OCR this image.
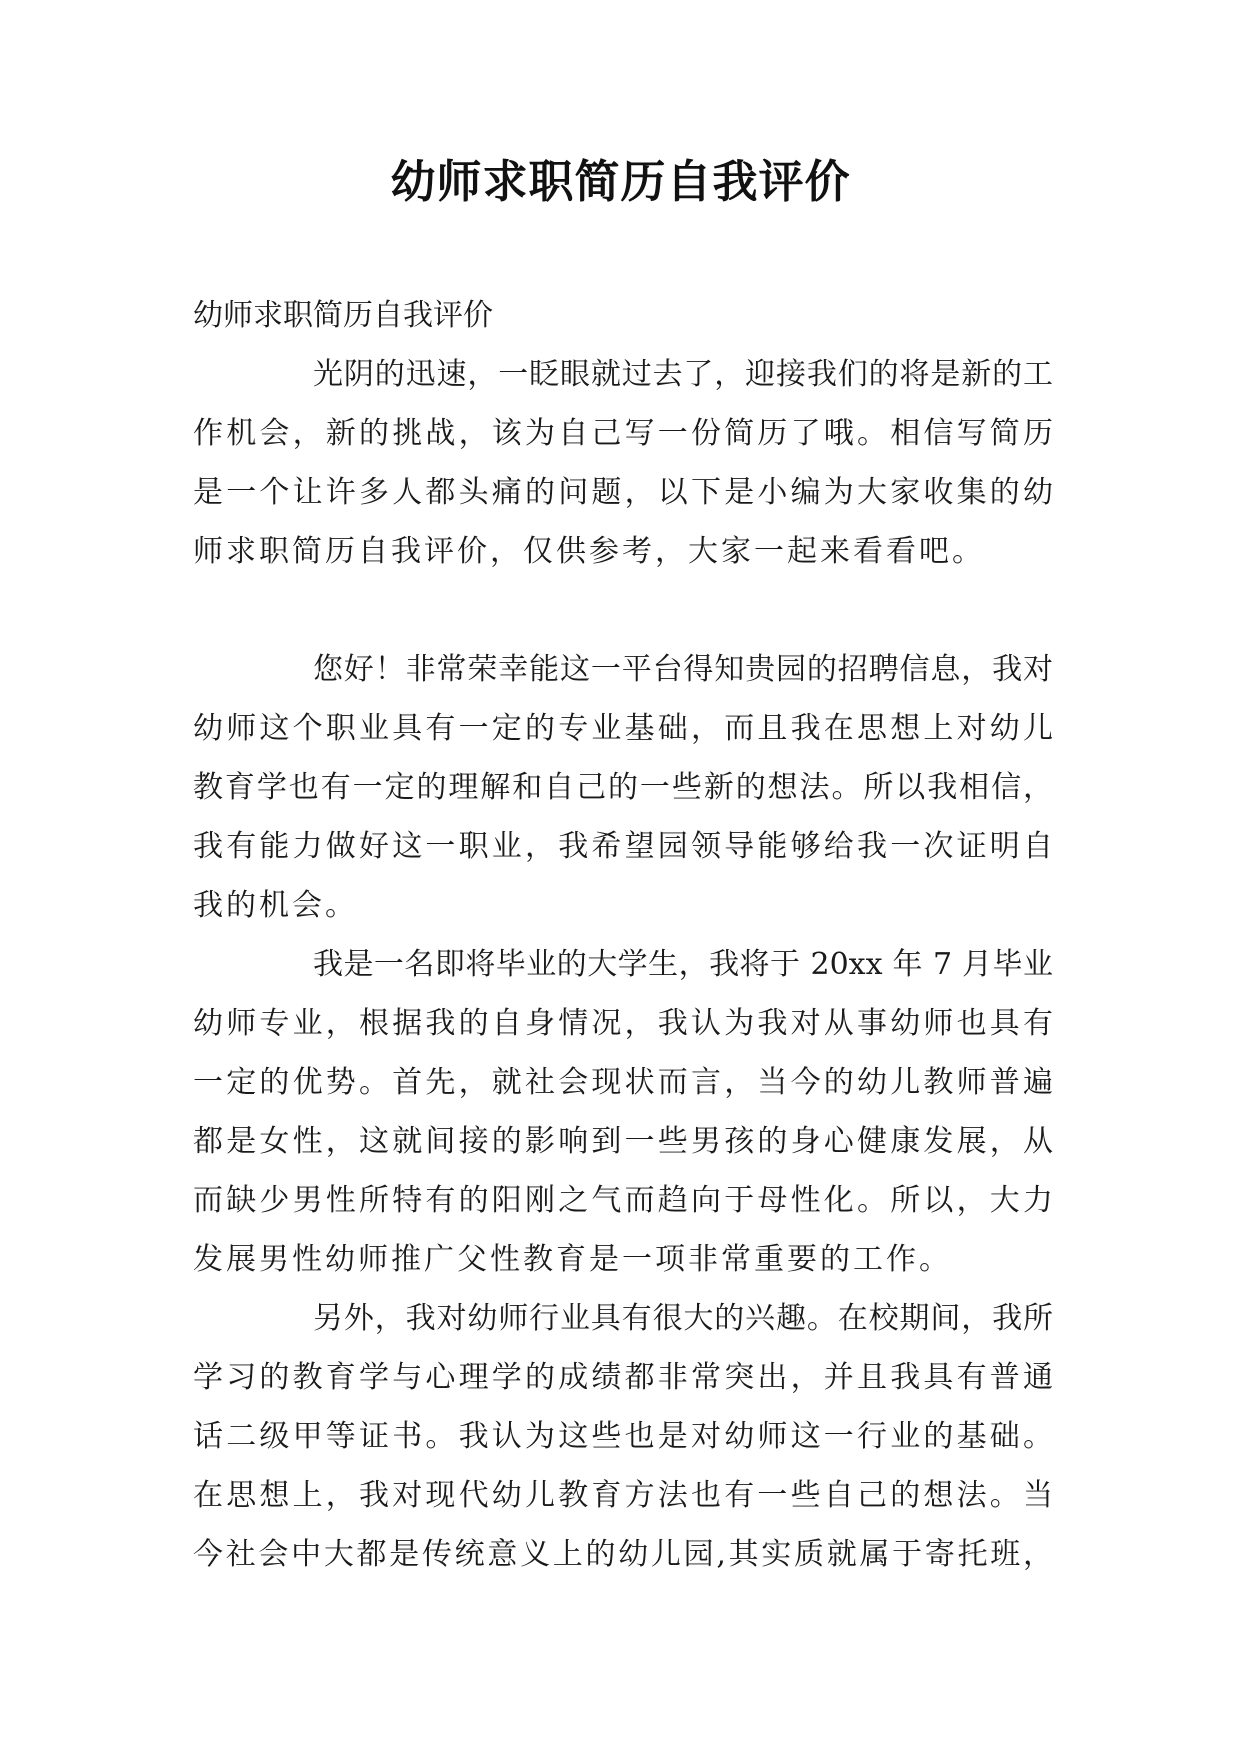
幼师求职简历自我评价

幼师求职简历自我评价

光阴的迅速，一眨眼就过去了，迎接我们的将是新的工
作机会，新的挑战，该为自己写一份简历了哦。相信写简历
是一个让许多人都头痛的问题，以下是小编为大家收集的幼
师求职简历自我评价，仅供参考，大家一起来看看吧。
您好！非常荣幸能这一平台得知贵园的招聘信息，我对
幼师这个职业具有一定的专业基础，而且我在思想上对幼儿
教育学也有一定的理解和自己的一些新的想法。所以我相信，
我有能力做好这一职业，我希望园领导能够给我一次证明自
我的机会。
我是一名即将毕业的大学生，我将于 20xx 年 7 月毕业
幼师专业，根据我的自身情况，我认为我对从事幼师也具有
一定的优势。首先，就社会现状而言，当今的幼儿教师普遍
都是女性，这就间接的影响到一些男孩的身心健康发展，从
而缺少男性所特有的阳刚之气而趋向于母性化。所以，大力
发展男性幼师推广父性教育是一项非常重要的工作。
另外，我对幼师行业具有很大的兴趣。在校期间，我所
学习的教育学与心理学的成绩都非常突出，并且我具有普通
话二级甲等证书。我认为这些也是对幼师这一行业的基础。
在思想上，我对现代幼儿教育方法也有一些自己的想法。当
今社会中大都是传统意义上的幼儿园,其实质就属于寄托班，
